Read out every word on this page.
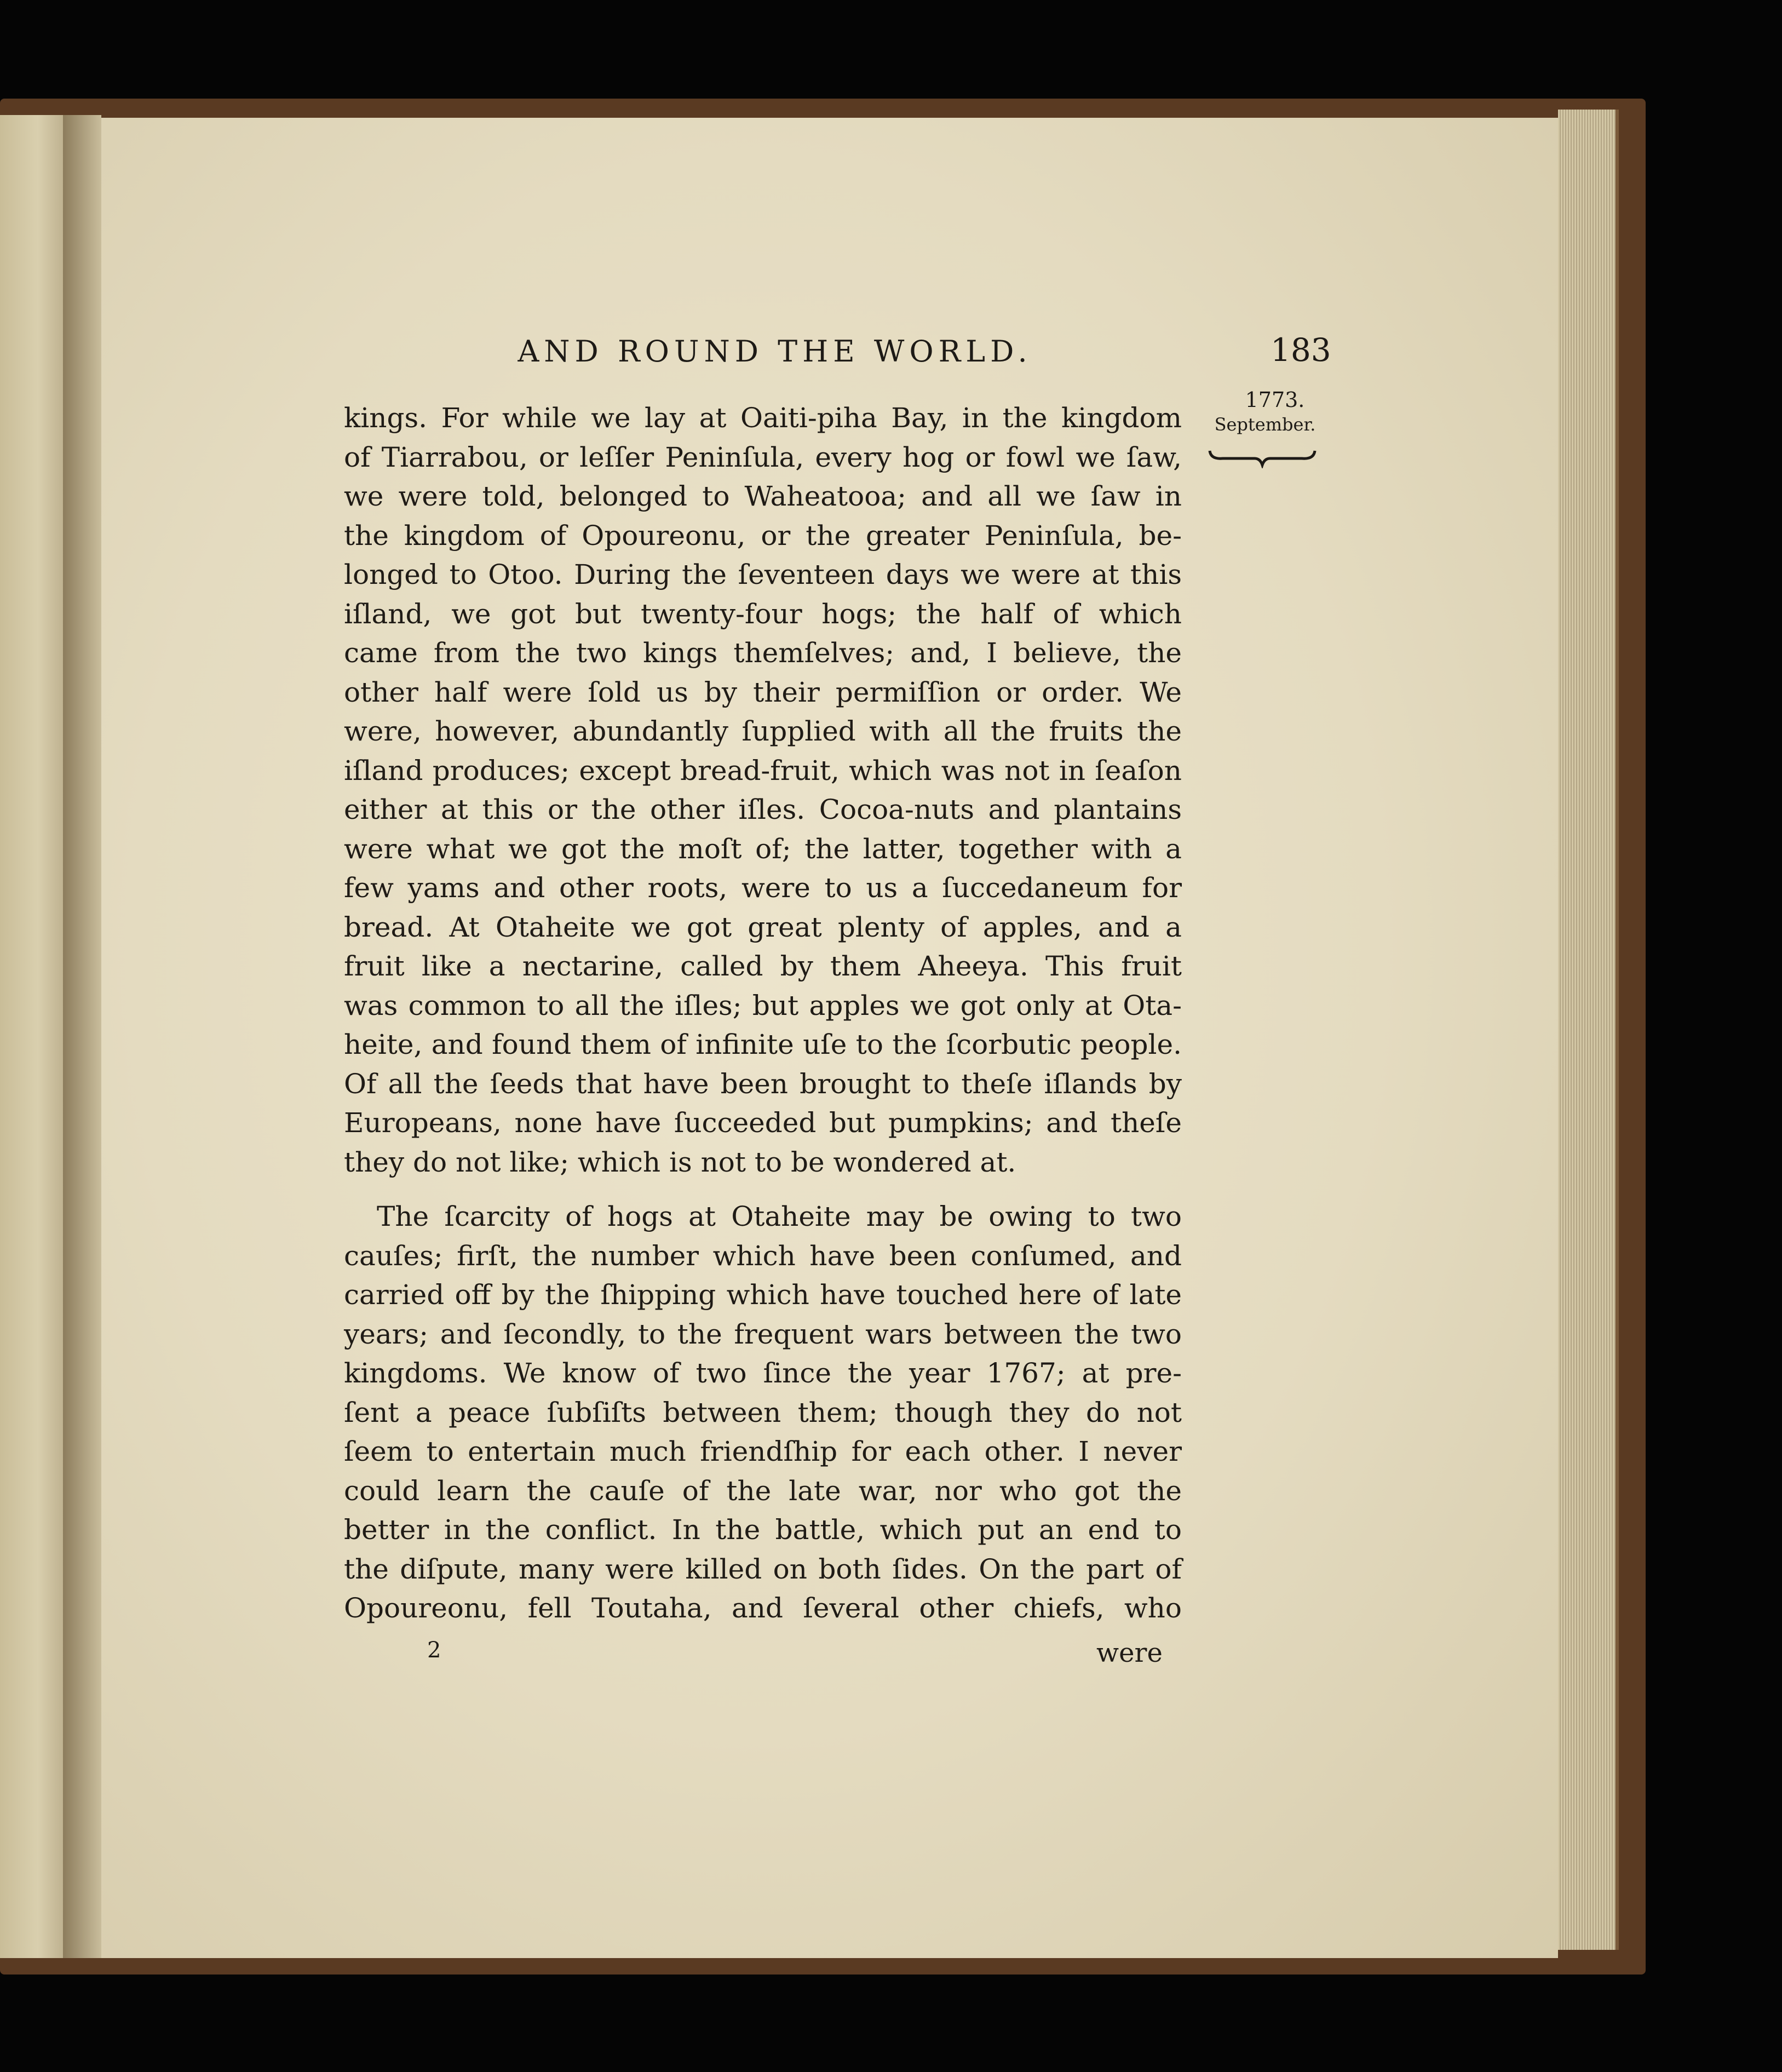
AND ROUND THE WORLD.	183
1773.
September.
kings. For while we lay at Oaiti-piha Bay, in the kingdom
of Tiarrabou, or leſſer Peninſula, every hog or fowl we ſaw,
we were told, belonged to Waheatooa; and all we ſaw in
the kingdom of Opoureonu, or the greater Peninſula, be-
longed to Otoo. During the ſeventeen days we were at this
iſland, we got but twenty-four hogs; the half of which
came from the two kings themſelves; and, I believe, the
other half were ſold us by their permiſſion or order. We
were, however, abundantly ſupplied with all the fruits the
iſland produces; except bread-fruit, which was not in ſeaſon
either at this or the other iſles. Cocoa-nuts and plantains
were what we got the moſt of; the latter, together with a
few yams and other roots, were to us a ſuccedaneum for
bread. At Otaheite we got great plenty of apples, and a
fruit like a nectarine, called by them Aheeya. This fruit
was common to all the iſles; but apples we got only at Ota-
heite, and found them of infinite uſe to the ſcorbutic people.
Of all the ſeeds that have been brought to theſe iſlands by
Europeans, none have ſucceeded but pumpkins; and theſe
they do not like; which is not to be wondered at.
The ſcarcity of hogs at Otaheite may be owing to two
cauſes; firſt, the number which have been conſumed, and
carried off by the ſhipping which have touched here of late
years; and ſecondly, to the frequent wars between the two
kingdoms. We know of two ſince the year 1767; at pre-
ſent a peace ſubſiſts between them; though they do not
ſeem to entertain much friendſhip for each other. I never
could learn the cauſe of the late war, nor who got the
better in the conflict. In the battle, which put an end to
the diſpute, many were killed on both ſides. On the part of
Opoureonu, fell Toutaha, and ſeveral other chiefs, who
2	were
